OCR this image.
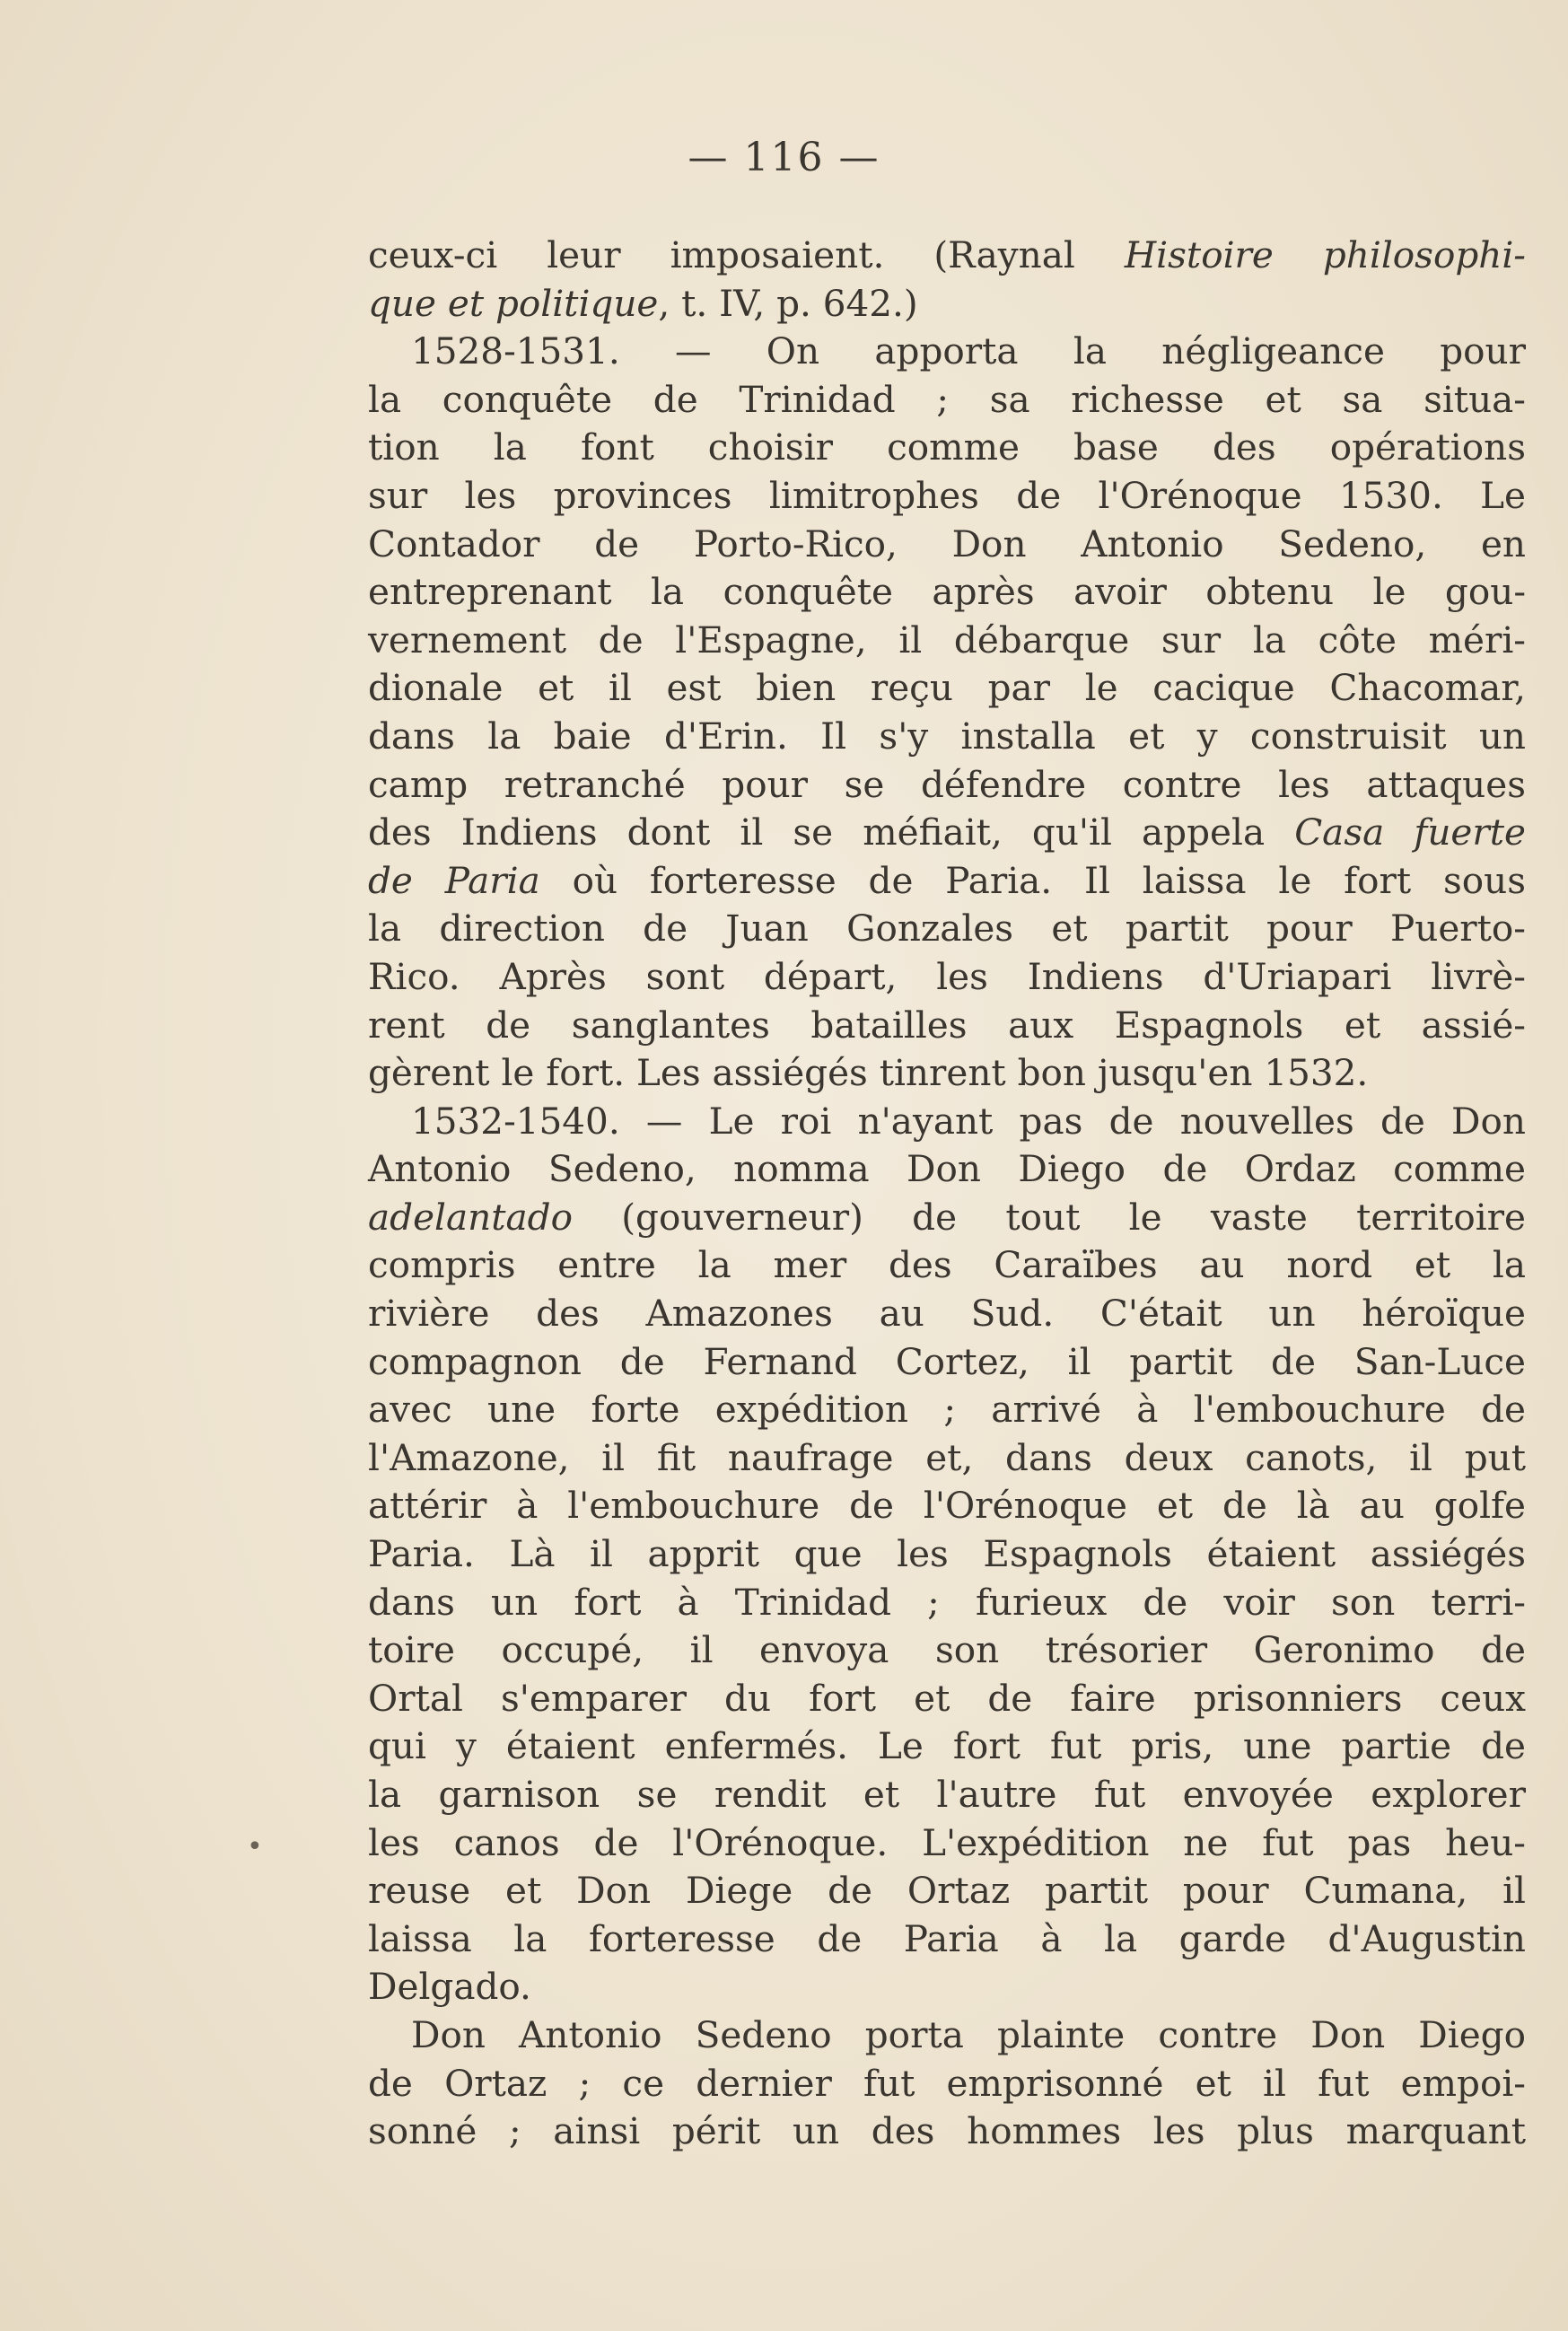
— 116 —
ceux-ci leur imposaient. (Raynal Histoire philosophi-
que et politique, t. IV, p. 642.)
1528-1531. — On apporta la négligeance pour
la conquête de Trinidad ; sa richesse et sa situa-
tion la font choisir comme base des opérations
sur les provinces limitrophes de l'Orénoque 1530. Le
Contador de Porto-Rico, Don Antonio Sedeno, en
entreprenant la conquête après avoir obtenu le gou-
vernement de l'Espagne, il débarque sur la côte méri-
dionale et il est bien reçu par le cacique Chacomar,
dans la baie d'Erin. Il s'y installa et y construisit un
camp retranché pour se défendre contre les attaques
des Indiens dont il se méfiait, qu'il appela Casa fuerte
de Paria où forteresse de Paria. Il laissa le fort sous
la direction de Juan Gonzales et partit pour Puerto-
Rico. Après sont départ, les Indiens d'Uriapari livrè-
rent de sanglantes batailles aux Espagnols et assié-
gèrent le fort. Les assiégés tinrent bon jusqu'en 1532.
1532-1540. — Le roi n'ayant pas de nouvelles de Don
Antonio Sedeno, nomma Don Diego de Ordaz comme
adelantado (gouverneur) de tout le vaste territoire
compris entre la mer des Caraïbes au nord et la
rivière des Amazones au Sud. C'était un héroïque
compagnon de Fernand Cortez, il partit de San-Luce
avec une forte expédition ; arrivé à l'embouchure de
l'Amazone, il fit naufrage et, dans deux canots, il put
attérir à l'embouchure de l'Orénoque et de là au golfe
Paria. Là il apprit que les Espagnols étaient assiégés
dans un fort à Trinidad ; furieux de voir son terri-
toire occupé, il envoya son trésorier Geronimo de
Ortal s'emparer du fort et de faire prisonniers ceux
qui y étaient enfermés. Le fort fut pris, une partie de
la garnison se rendit et l'autre fut envoyée explorer
les canos de l'Orénoque. L'expédition ne fut pas heu-
reuse et Don Diege de Ortaz partit pour Cumana, il
laissa la forteresse de Paria à la garde d'Augustin
Delgado.
Don Antonio Sedeno porta plainte contre Don Diego
de Ortaz ; ce dernier fut emprisonné et il fut empoi-
sonné ; ainsi périt un des hommes les plus marquant
•
